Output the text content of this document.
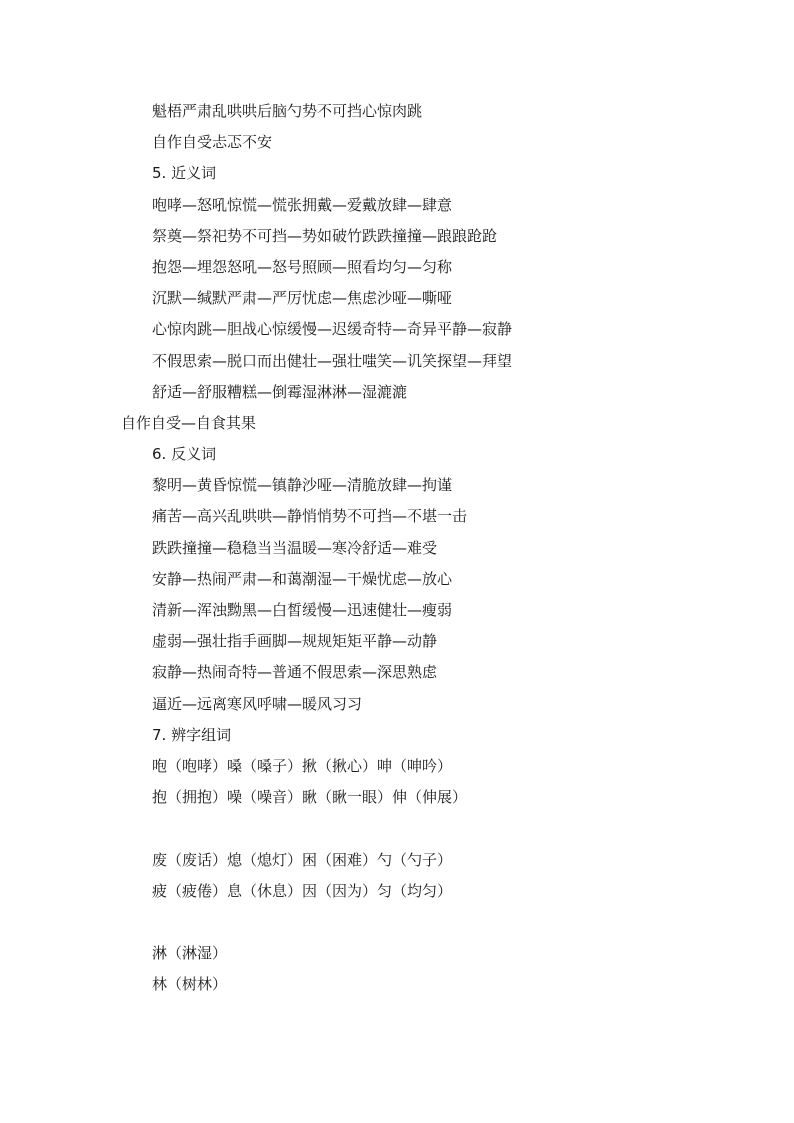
魁梧严肃乱哄哄后脑勺势不可挡心惊肉跳
自作自受忐忑不安
5. 近义词
咆哮—怒吼惊慌—慌张拥戴—爱戴放肆—肆意
祭奠—祭祀势不可挡—势如破竹跌跌撞撞—踉踉跄跄
抱怨—埋怨怒吼—怒号照顾—照看均匀—匀称
沉默—缄默严肃—严厉忧虑—焦虑沙哑—嘶哑
心惊肉跳—胆战心惊缓慢—迟缓奇特—奇异平静—寂静
不假思索—脱口而出健壮—强壮嗤笑—讥笑探望—拜望
舒适—舒服糟糕—倒霉湿淋淋—湿漉漉
自作自受—自食其果
6. 反义词
黎明—黄昏惊慌—镇静沙哑—清脆放肆—拘谨
痛苦—高兴乱哄哄—静悄悄势不可挡—不堪一击
跌跌撞撞—稳稳当当温暖—寒冷舒适—难受
安静—热闹严肃—和蔼潮湿—干燥忧虑—放心
清新—浑浊黝黑—白皙缓慢—迅速健壮—瘦弱
虚弱—强壮指手画脚—规规矩矩平静—动静
寂静—热闹奇特—普通不假思索—深思熟虑
逼近—远离寒风呼啸—暖风习习
7. 辨字组词
咆（咆哮）嗓（嗓子）揪（揪心）呻（呻吟）
抱（拥抱）噪（噪音）瞅（瞅一眼）伸（伸展）
废（废话）熄（熄灯）困（困难）勺（勺子）
疲（疲倦）息（休息）因（因为）匀（均匀）
淋（淋湿）
林（树林）
